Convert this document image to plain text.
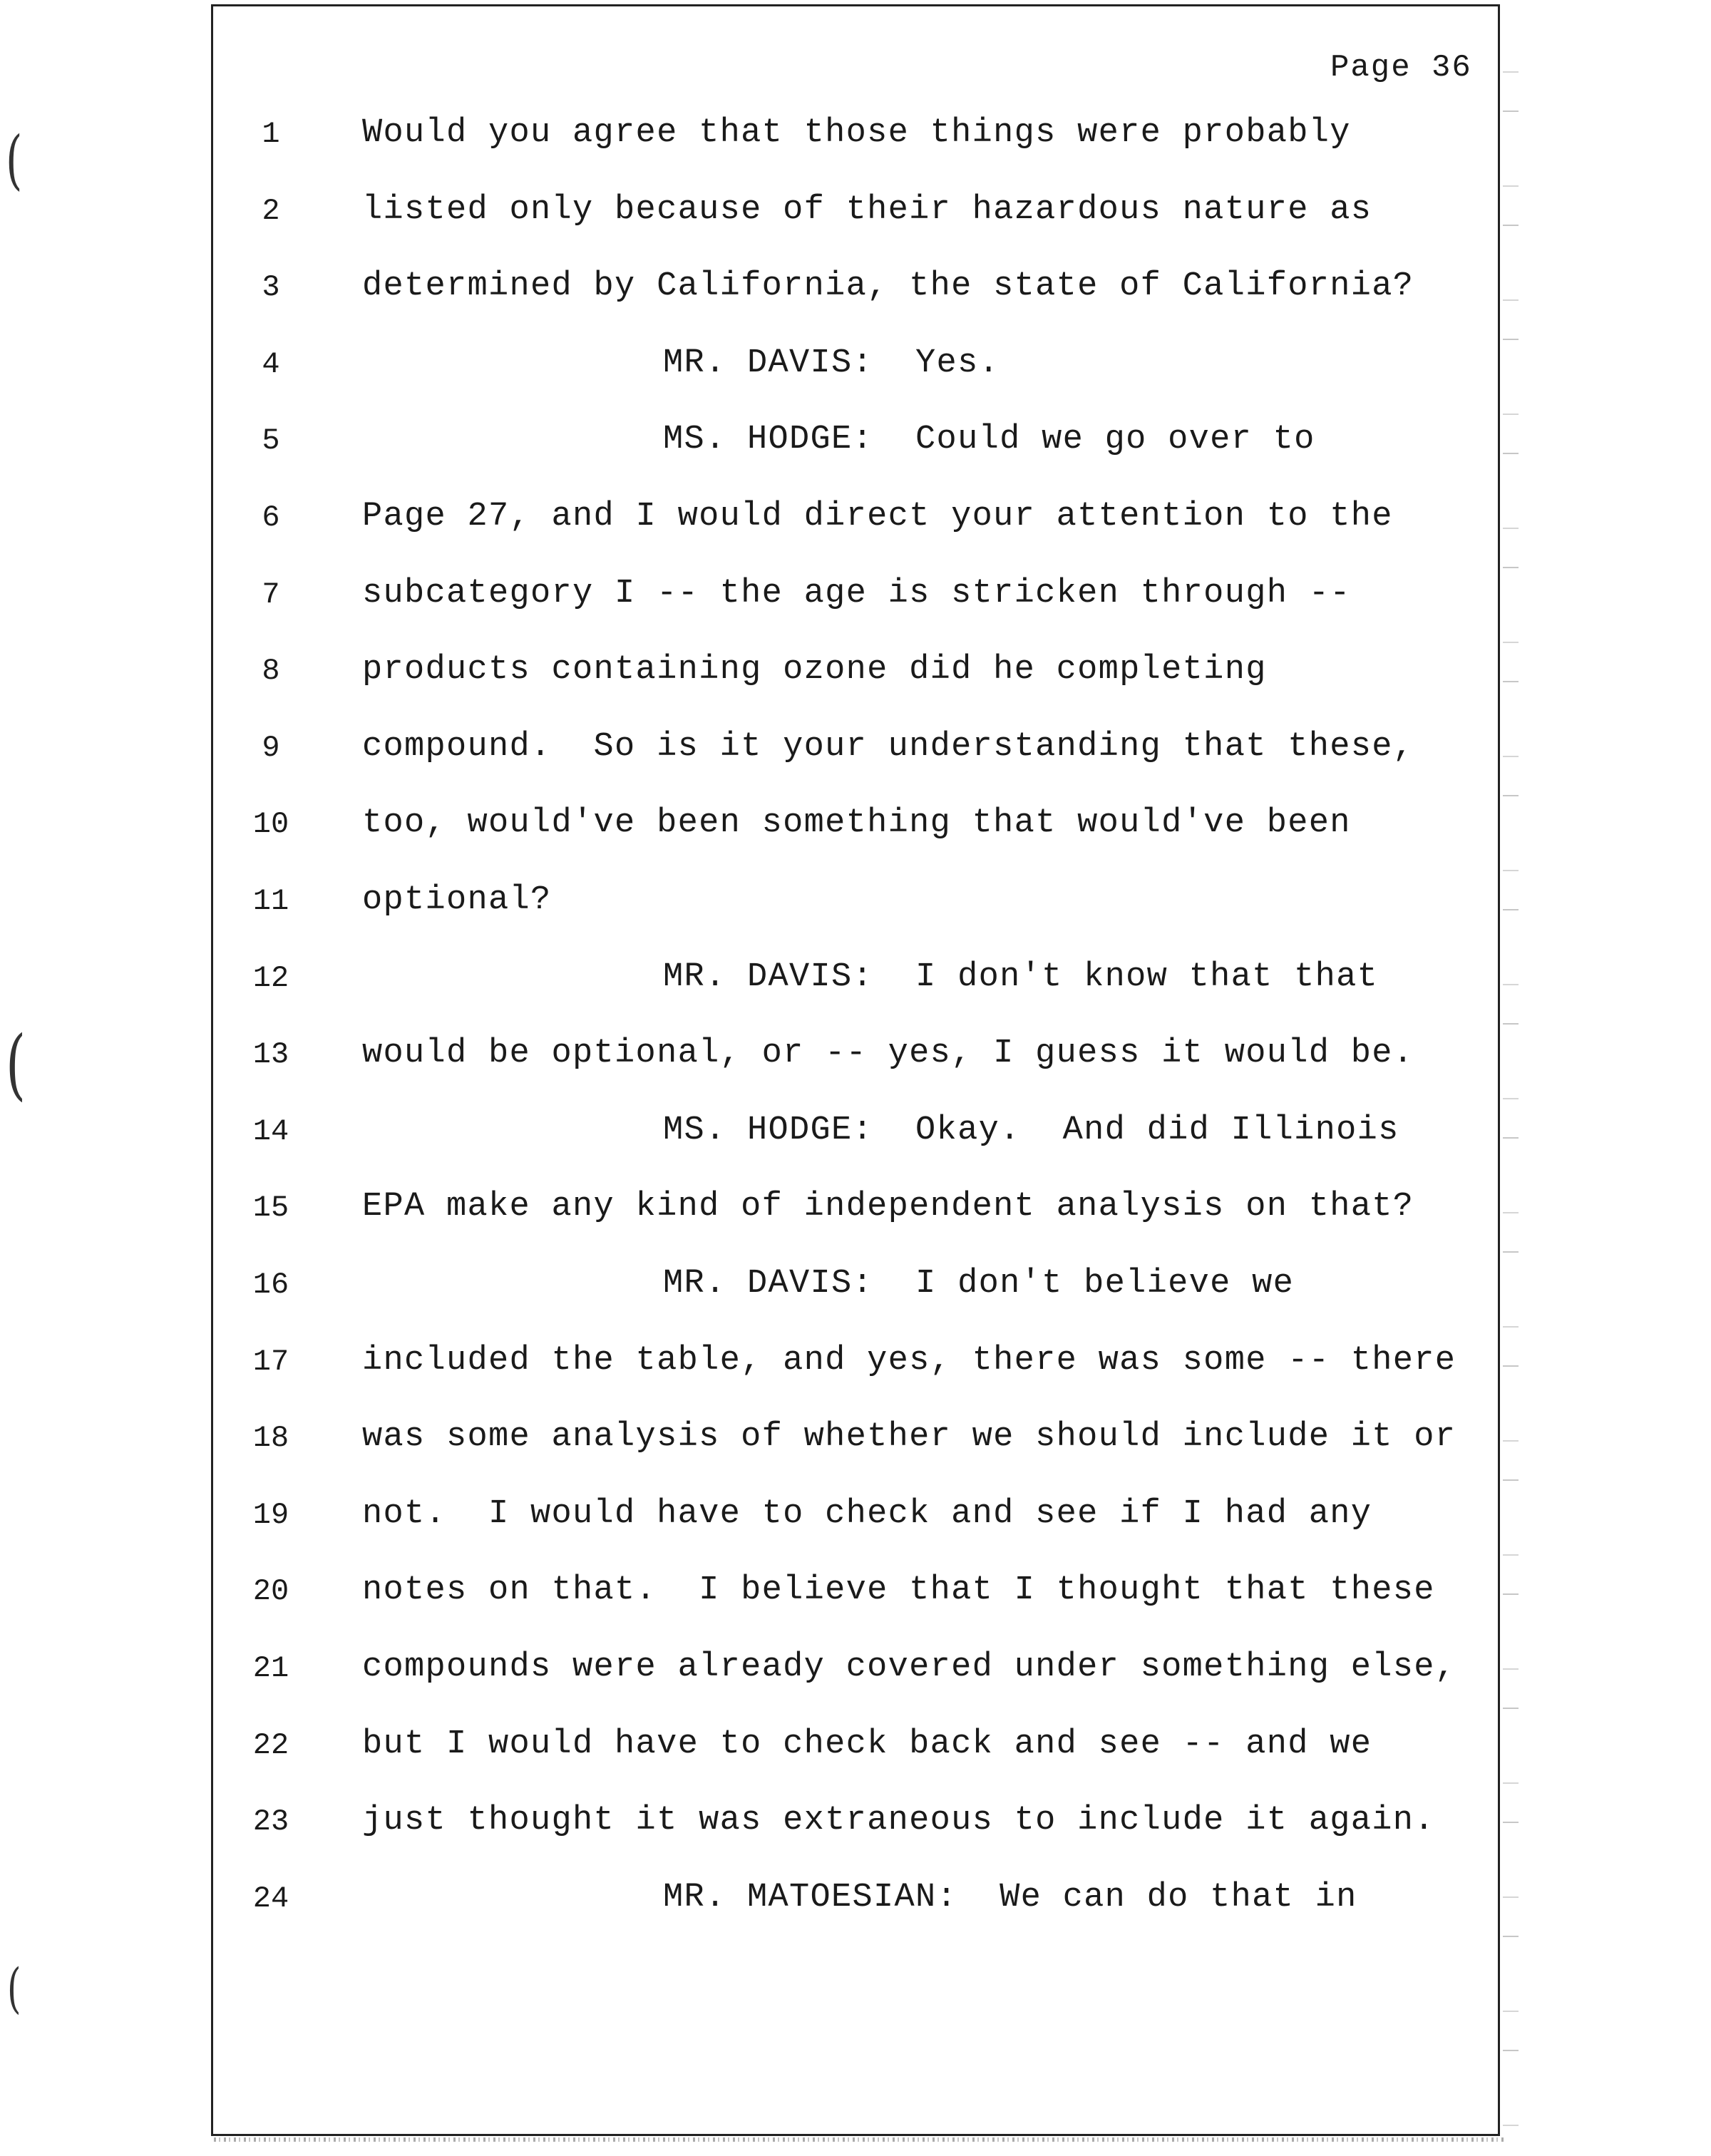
(
(
(
Page 36
1	Would you agree that those things were probably
2	listed only because of their hazardous nature as
3	determined by California, the state of California?
4	MR. DAVIS:  Yes.
5	MS. HODGE:  Could we go over to
6	Page 27, and I would direct your attention to the
7	subcategory I -- the age is stricken through --
8	products containing ozone did he completing
9	compound.  So is it your understanding that these,
10	too, would've been something that would've been
11	optional?
12	MR. DAVIS:  I don't know that that
13	would be optional, or -- yes, I guess it would be.
14	MS. HODGE:  Okay.  And did Illinois
15	EPA make any kind of independent analysis on that?
16	MR. DAVIS:  I don't believe we
17	included the table, and yes, there was some -- there
18	was some analysis of whether we should include it or
19	not.  I would have to check and see if I had any
20	notes on that.  I believe that I thought that these
21	compounds were already covered under something else,
22	but I would have to check back and see -- and we
23	just thought it was extraneous to include it again.
24	MR. MATOESIAN:  We can do that in
